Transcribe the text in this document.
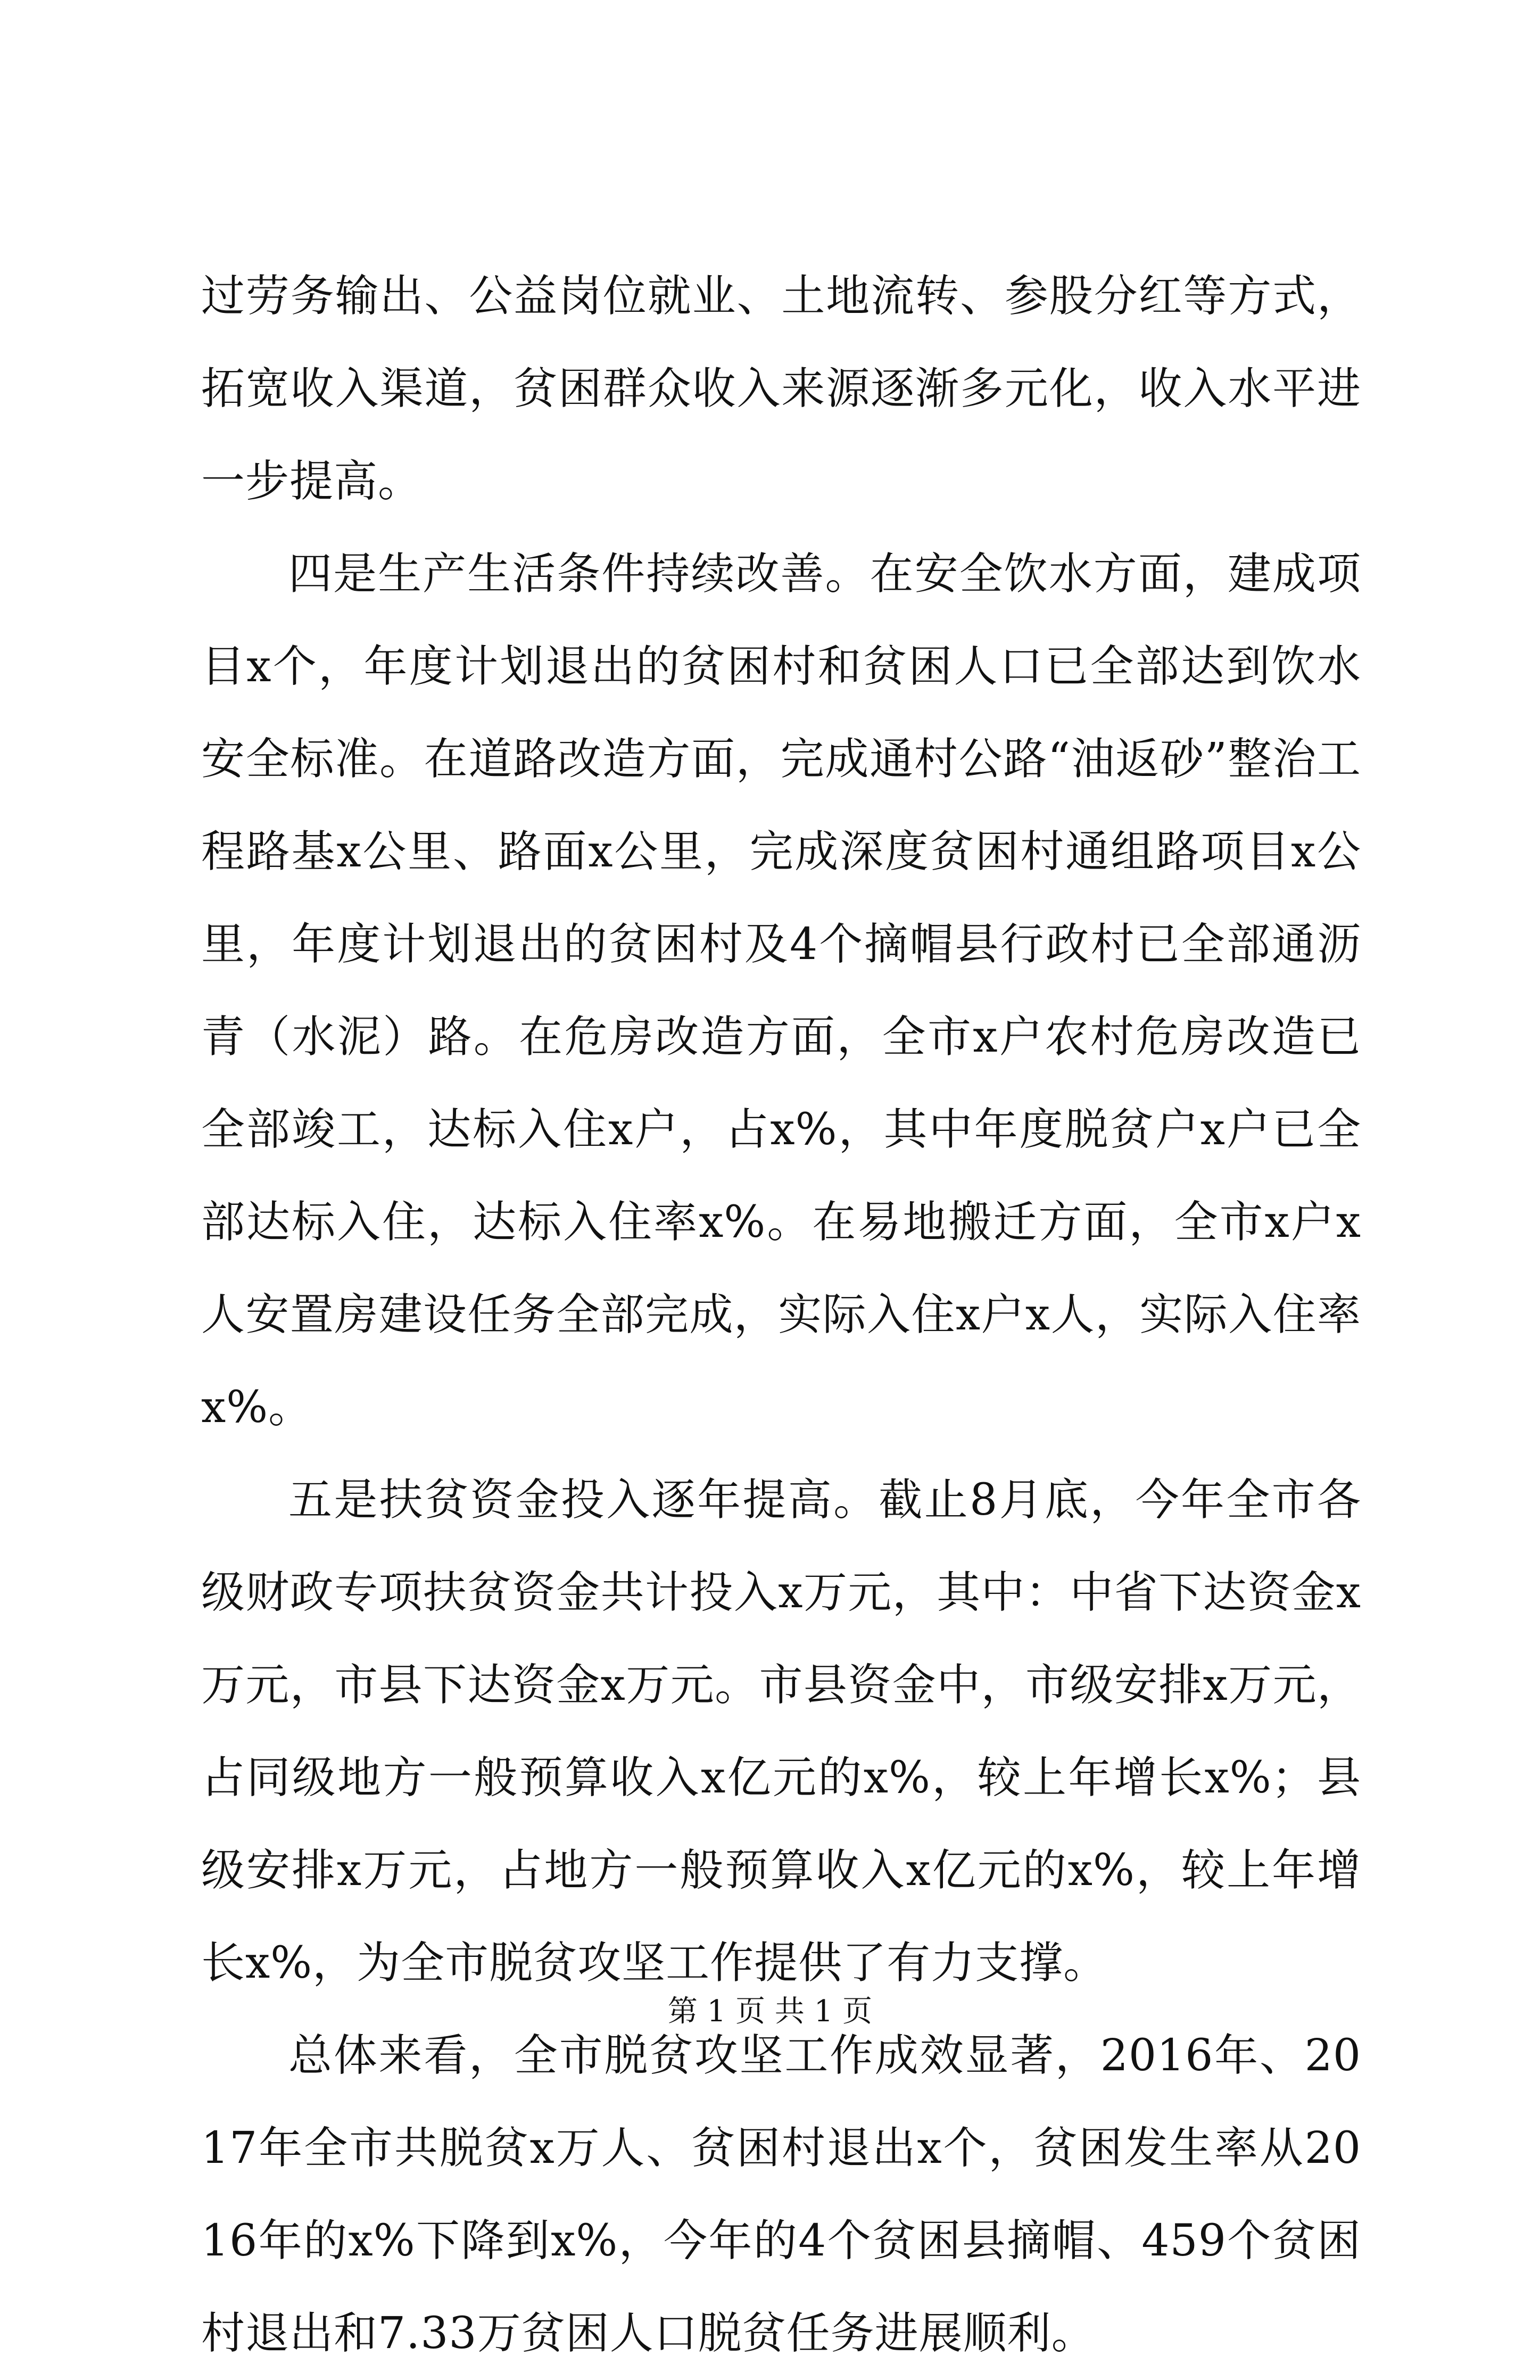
过劳务输出、公益岗位就业、土地流转、参股分红等方式，拓宽收入渠道，贫困群众收入来源逐渐多元化，收入水平进一步提高。

四是生产生活条件持续改善。在安全饮水方面，建成项目x个，年度计划退出的贫困村和贫困人口已全部达到饮水安全标准。在道路改造方面，完成通村公路“油返砂”整治工程路基x公里、路面x公里，完成深度贫困村通组路项目x公里，年度计划退出的贫困村及4个摘帽县行政村已全部通沥青（水泥）路。在危房改造方面，全市x户农村危房改造已全部竣工，达标入住x户，占x%，其中年度脱贫户x户已全部达标入住，达标入住率x%。在易地搬迁方面，全市x户x人安置房建设任务全部完成，实际入住x户x人，实际入住率x%。

五是扶贫资金投入逐年提高。截止8月底，今年全市各级财政专项扶贫资金共计投入x万元，其中：中省下达资金x万元，市县下达资金x万元。市县资金中，市级安排x万元，占同级地方一般预算收入x亿元的x%，较上年增长x%；县级安排x万元，占地方一般预算收入x亿元的x%，较上年增长x%，为全市脱贫攻坚工作提供了有力支撑。

总体来看，全市脱贫攻坚工作成效显著，2016年、2017年全市共脱贫x万人、贫困村退出x个，贫困发生率从2016年的x%下降到x%，今年的4个贫困县摘帽、459个贫困村退出和7.33万贫困人口脱贫任务进展顺利。

第 1 页 共 1 页
